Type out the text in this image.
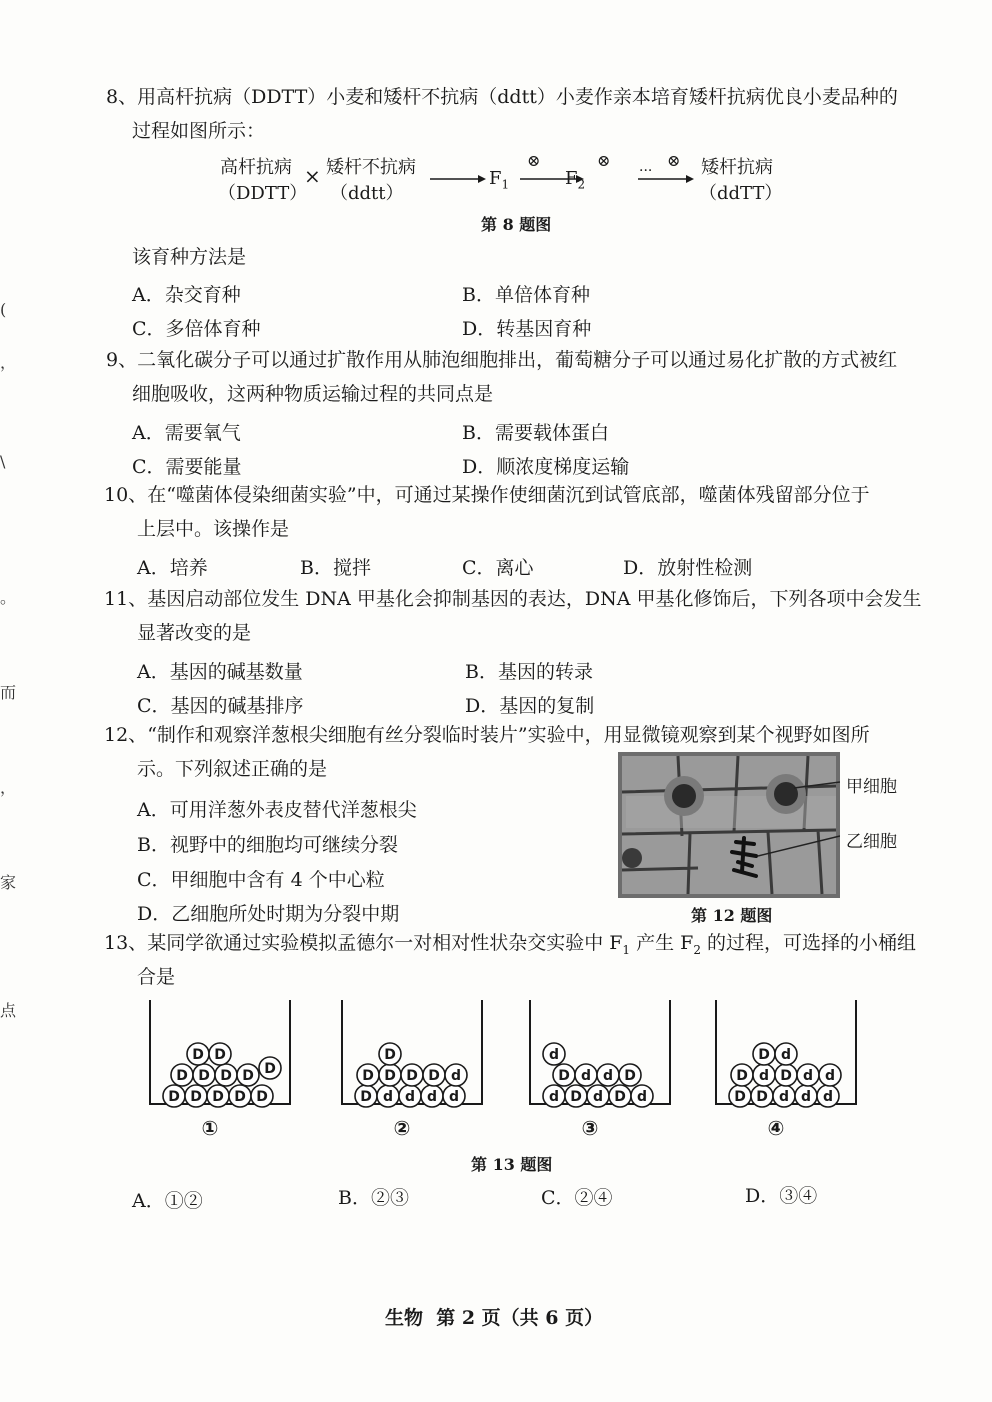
(
，
\
。
而
，
家
点
8、用高杆抗病（DDTT）小麦和矮杆不抗病（ddtt）小麦作亲本培育矮杆抗病优良小麦品种的
过程如图所示：
高杆抗病
（DDTT）
× 矮杆不抗病
（ddtt）
$F_1$
⊗
$F_2$
⊗
···
⊗ 矮杆抗病
（ddTT）
第 8 题图
该育种方法是
A．杂交育种	B．单倍体育种
C．多倍体育种	D．转基因育种
9、二氧化碳分子可以通过扩散作用从肺泡细胞排出，葡萄糖分子可以通过易化扩散的方式被红
细胞吸收，这两种物质运输过程的共同点是
A．需要氧气	B．需要载体蛋白
C．需要能量	D．顺浓度梯度运输
10、在“噬菌体侵染细菌实验”中，可通过某操作使细菌沉到试管底部，噬菌体残留部分位于
上层中。该操作是
A．培养	B．搅拌	C．离心	D．放射性检测
11、基因启动部位发生 DNA 甲基化会抑制基因的表达，DNA 甲基化修饰后，下列各项中会发生
显著改变的是
A．基因的碱基数量	B．基因的转录
C．基因的碱基排序	D．基因的复制
12、“制作和观察洋葱根尖细胞有丝分裂临时装片”实验中，用显微镜观察到某个视野如图所
示。下列叙述正确的是
A．可用洋葱外表皮替代洋葱根尖
B．视野中的细胞均可继续分裂
C．甲细胞中含有 4 个中心粒
D．乙细胞所处时期为分裂中期
甲细胞
乙细胞
第 12 题图
13、某同学欲通过实验模拟孟德尔一对相对性状杂交实验中 $F_1$ 产生 $F_2$ 的过程，可选择的小桶组
合是
D D D D D
D D D D D
D D
①
D d d d d
D D D D d
D
②
d D d D d
D d d D
d
③
D D d d d
D d D d d
D d
④
第 13 题图
A．①②	B．②③	C．②④	D．③④
生物  第 2 页（共 6 页）
